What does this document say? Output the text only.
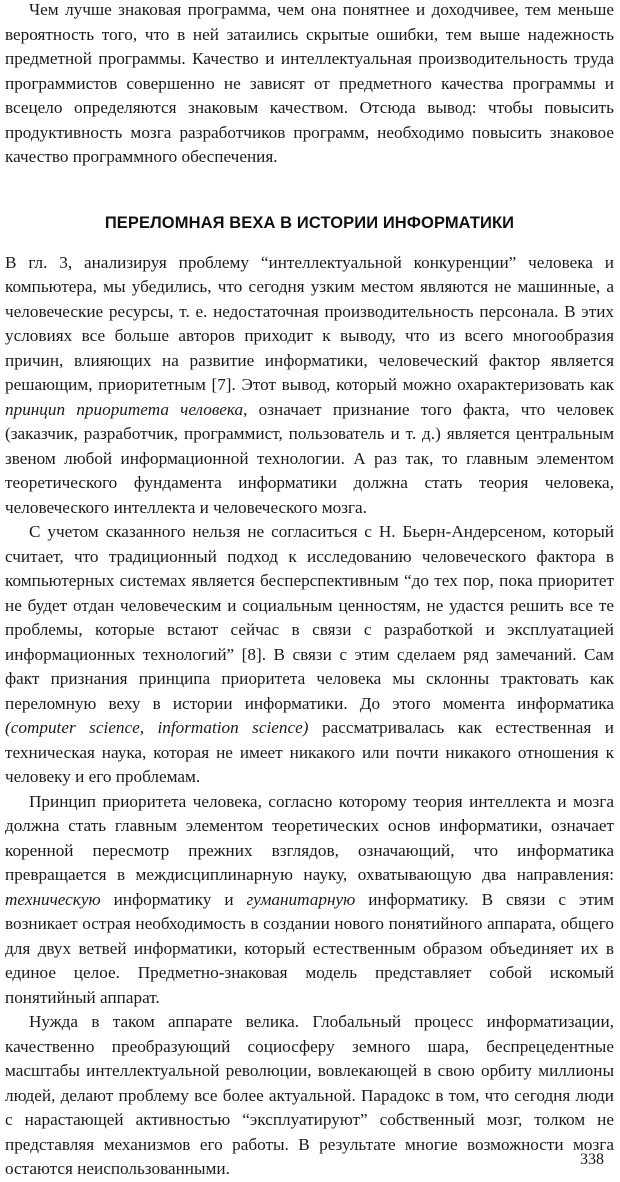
Чем лучше знаковая программа, чем она понятнее и доходчивее, тем меньше вероятность того, что в ней затаились скрытые ошибки, тем выше надежность предметной программы. Качество и интеллектуальная производительность труда программистов совершенно не зависят от предметного качества программы и всецело определяются знаковым качеством. Отсюда вывод: чтобы повысить продуктивность мозга разработчиков программ, необходимо повысить знаковое качество программного обеспечения.

ПЕРЕЛОМНАЯ ВЕХА В ИСТОРИИ ИНФОРМАТИКИ

В гл. 3, анализируя проблему “интеллектуальной конкуренции” человека и компьютера, мы убедились, что сегодня узким местом являются не машинные, а человеческие ресурсы, т. е. недостаточная производительность персонала. В этих условиях все больше авторов приходит к выводу, что из всего многообразия причин, влияющих на развитие информатики, человеческий фактор является решающим, приоритетным [7]. Этот вывод, который можно охарактеризовать как принцип приоритета человека, означает признание того факта, что человек (заказчик, разработчик, программист, пользователь и т. д.) является центральным звеном любой информационной технологии. А раз так, то главным элементом теоретического фундамента информатики должна стать теория человека, человеческого интеллекта и человеческого мозга.

С учетом сказанного нельзя не согласиться с Н. Бьерн-Андерсеном, который считает, что традиционный подход к исследованию человеческого фактора в компьютерных системах является бесперспективным “до тех пор, пока приоритет не будет отдан человеческим и социальным ценностям, не удастся решить все те проблемы, которые встают сейчас в связи с разработкой и эксплуатацией информационных технологий” [8]. В связи с этим сделаем ряд замечаний. Сам факт признания принципа приоритета человека мы склонны трактовать как переломную веху в истории информатики. До этого момента информатика (computer science, information science) рассматривалась как естественная и техническая наука, которая не имеет никакого или почти никакого отношения к человеку и его проблемам.

Принцип приоритета человека, согласно которому теория интеллекта и мозга должна стать главным элементом теоретических основ информатики, означает коренной пересмотр прежних взглядов, означающий, что информатика превращается в междисциплинарную науку, охватывающую два направления: техническую информатику и гуманитарную информатику. В связи с этим возникает острая необходимость в создании нового понятийного аппарата, общего для двух ветвей информатики, который естественным образом объединяет их в единое целое. Предметно-знаковая модель представляет собой искомый понятийный аппарат.

Нужда в таком аппарате велика. Глобальный процесс информатизации, качественно преобразующий социосферу земного шара, беспрецедентные масштабы интеллектуальной революции, вовлекающей в свою орбиту миллионы людей, делают проблему все более актуальной. Парадокс в том, что сегодня люди с нарастающей активностью “эксплуатируют” собственный мозг, толком не представляя механизмов его работы. В результате многие возможности мозга остаются неиспользованными.	338
